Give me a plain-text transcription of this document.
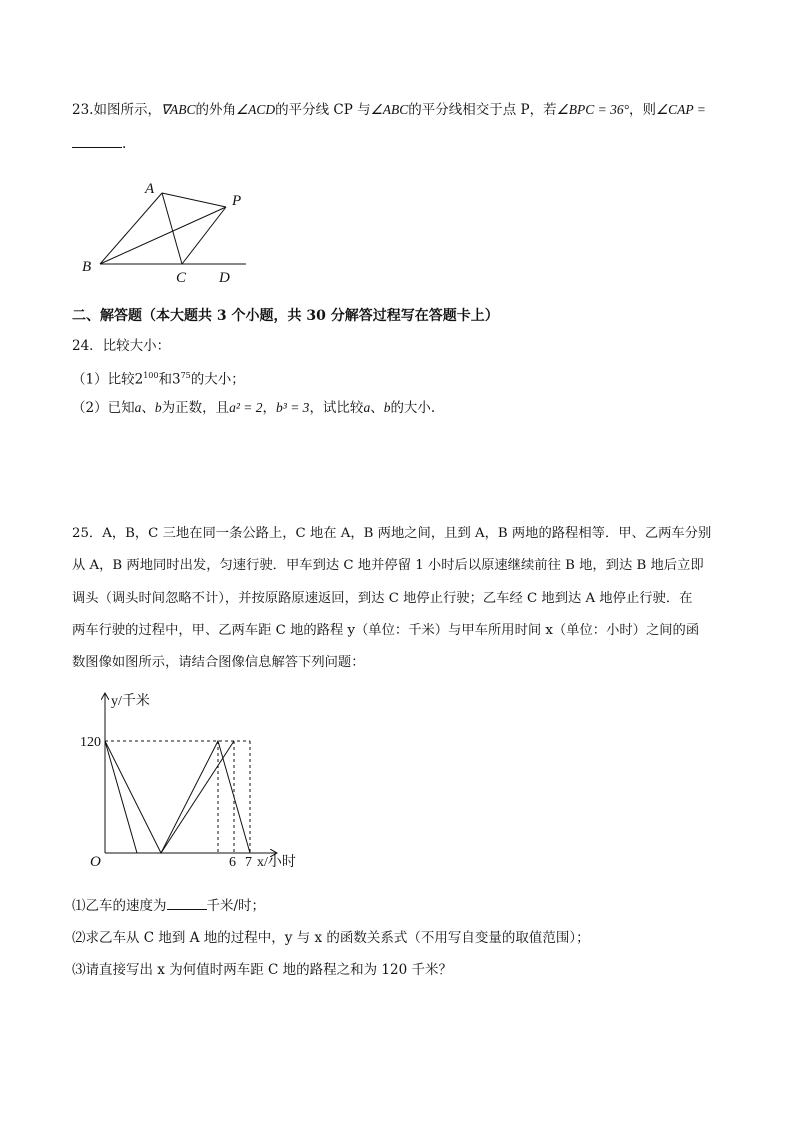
23.如图所示，∇ABC的外角∠ACD的平分线 CP 与∠ABC的平分线相交于点 P，若∠BPC = 36°，则∠CAP =
.
A
P
B
C D
二、解答题（本大题共 3 个小题，共 30 分解答过程写在答题卡上）
24．比较大小：
（1）比较$2^{100}$和$3^{75}$的大小；
（2）已知a、b为正数，且a² = 2，b³ = 3，试比较a、b的大小.
25．A，B，C 三地在同一条公路上，C 地在 A，B 两地之间，且到 A，B 两地的路程相等．甲、乙两车分别
从 A，B 两地同时出发，匀速行驶．甲车到达 C 地并停留 1 小时后以原速继续前往 B 地，到达 B 地后立即
调头（调头时间忽略不计），并按原路原速返回，到达 C 地停止行驶；乙车经 C 地到达 A 地停止行驶．在
两车行驶的过程中，甲、乙两车距 C 地的路程 y（单位：千米）与甲车所用时间 x（单位：小时）之间的函
数图像如图所示，请结合图像信息解答下列问题：
y/千米
120
O	6 7 x/小时
⑴乙车的速度为	千米/时；
⑵求乙车从 C 地到 A 地的过程中，y 与 x 的函数关系式（不用写自变量的取值范围）；
⑶请直接写出 x 为何值时两车距 C 地的路程之和为 120 千米？
